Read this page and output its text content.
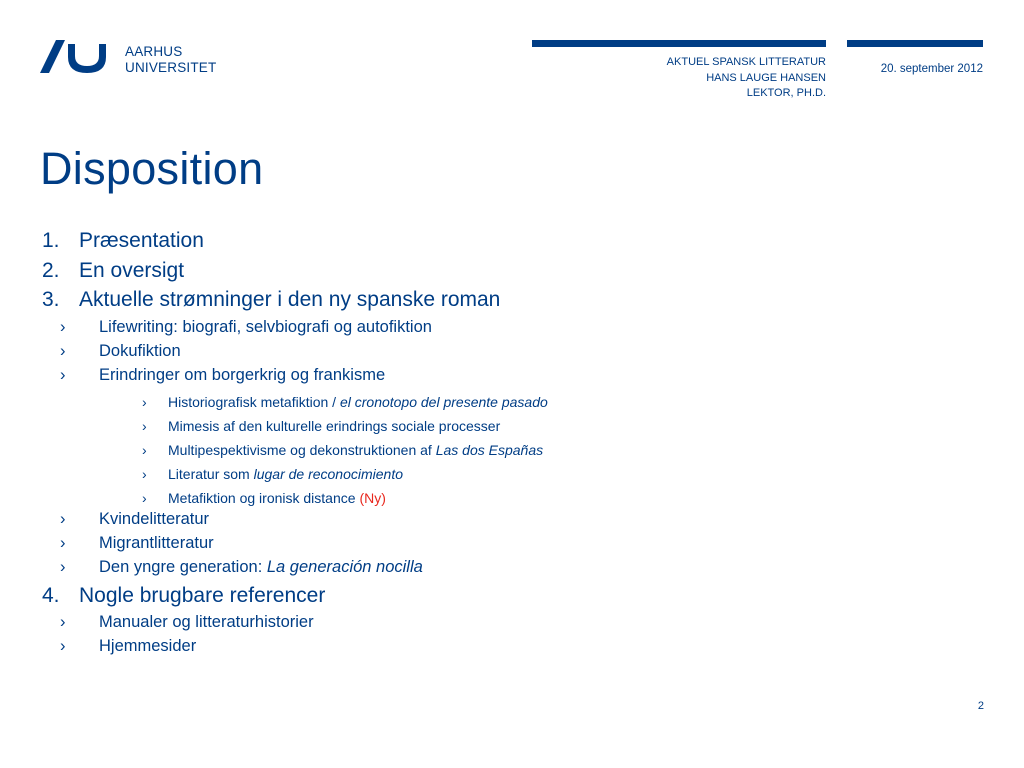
AARHUS
UNIVERSITET	AKTUEL SPANSK LITTERATUR
HANS LAUGE HANSEN
LEKTOR, PH.D.
20. september 2012
Disposition
1. Præsentation
2. En oversigt
3. Aktuelle strømninger i den ny spanske roman
› Lifewriting: biografi, selvbiografi og autofiktion
› Dokufiktion
› Erindringer om borgerkrig og frankisme
› Historiografisk metafiktion / el cronotopo del presente pasado
› Mimesis af den kulturelle erindrings sociale processer
› Multipespektivisme og dekonstruktionen af Las dos Españas
› Literatur som lugar de reconocimiento
› Metafiktion og ironisk distance (Ny)
› Kvindelitteratur
› Migrantlitteratur
› Den yngre generation: La generación nocilla
4. Nogle brugbare referencer
› Manualer og litteraturhistorier
› Hjemmesider
2
